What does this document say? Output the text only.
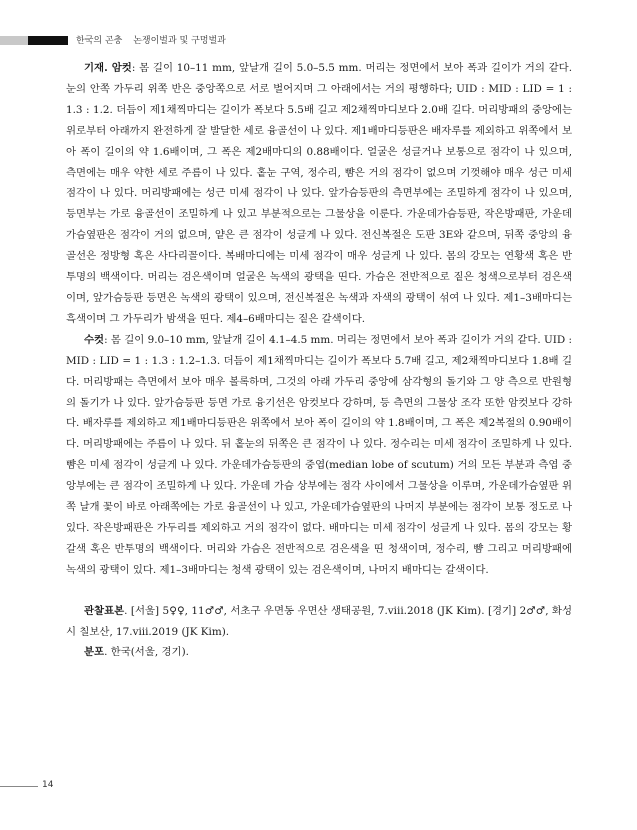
한국의 곤충 논쟁이벌과 및 구멍벌과

기재. 암컷: 몸 길이 10–11 mm, 앞날개 길이 5.0–5.5 mm. 머리는 정면에서 보아 폭과 길이가 거의 같다. 눈의 안쪽 가두리 위쪽 반은 중앙쪽으로 서로 벌어지며 그 아래에서는 거의 평행하다; UID : MID : LID = 1 : 1.3 : 1.2. 더듬이 제1채찍마디는 길이가 폭보다 5.5배 길고 제2채찍마디보다 2.0배 길다. 머리방패의 중앙에는 위로부터 아래까지 완전하게 잘 발달한 세로 융골선이 나 있다. 제1배마디등판은 배자루를 제외하고 위쪽에서 보아 폭이 길이의 약 1.6배이며, 그 폭은 제2배마디의 0.88배이다. 얼굴은 성글거나 보통으로 점각이 나 있으며, 측면에는 매우 약한 세로 주름이 나 있다. 홑눈 구역, 정수리, 뺨은 거의 점각이 없으며 기껏해야 매우 성근 미세 점각이 나 있다. 머리방패에는 성근 미세 점각이 나 있다. 앞가슴등판의 측면부에는 조밀하게 점각이 나 있으며, 등면부는 가로 융골선이 조밀하게 나 있고 부분적으로는 그물상을 이룬다. 가운데가슴등판, 작은방패판, 가운데가슴옆판은 점각이 거의 없으며, 얕은 큰 점각이 성글게 나 있다. 전신복절은 도판 3E와 같으며, 뒤쪽 중앙의 융골선은 정방형 혹은 사다리꼴이다. 복배마디에는 미세 점각이 매우 성글게 나 있다. 몸의 강모는 연황색 혹은 반투명의 백색이다. 머리는 검은색이며 얼굴은 녹색의 광택을 띤다. 가슴은 전반적으로 짙은 청색으로부터 검은색이며, 앞가슴등판 등면은 녹색의 광택이 있으며, 전신복절은 녹색과 자색의 광택이 섞여 나 있다. 제1–3배마디는 흑색이며 그 가두리가 밤색을 띤다. 제4–6배마디는 짙은 갈색이다.

수컷: 몸 길이 9.0–10 mm, 앞날개 길이 4.1–4.5 mm. 머리는 정면에서 보아 폭과 길이가 거의 같다. UID : MID : LID = 1 : 1.3 : 1.2–1.3. 더듬이 제1채찍마디는 길이가 폭보다 5.7배 길고, 제2채찍마디보다 1.8배 길다. 머리방패는 측면에서 보아 매우 볼록하며, 그것의 아래 가두리 중앙에 삼각형의 돌기와 그 양 측으로 반원형의 돌기가 나 있다. 앞가슴등판 등면 가로 융기선은 암컷보다 강하며, 등 측면의 그물상 조각 또한 암컷보다 강하다. 배자루를 제외하고 제1배마디등판은 위쪽에서 보아 폭이 길이의 약 1.8배이며, 그 폭은 제2복절의 0.90배이다. 머리방패에는 주름이 나 있다. 뒤 홑눈의 뒤쪽은 큰 점각이 나 있다. 정수리는 미세 점각이 조밀하게 나 있다. 뺨은 미세 점각이 성글게 나 있다. 가운데가슴등판의 중엽(median lobe of scutum) 거의 모든 부분과 측엽 중앙부에는 큰 점각이 조밀하게 나 있다. 가운데 가슴 상부에는 점각 사이에서 그물상을 이루며, 가운데가슴옆판 위쪽 날개 꽃이 바로 아래쪽에는 가로 융골선이 나 있고, 가운데가슴옆판의 나머지 부분에는 점각이 보통 정도로 나 있다. 작은방패판은 가두리를 제외하고 거의 점각이 없다. 배마디는 미세 점각이 성글게 나 있다. 몸의 강모는 황갈색 혹은 반투명의 백색이다. 머리와 가슴은 전반적으로 검은색을 띤 청색이며, 정수리, 뺨 그리고 머리방패에 녹색의 광택이 있다. 제1–3배마디는 청색 광택이 있는 검은색이며, 나머지 배마디는 갈색이다.

관찰표본. [서울] 5♀♀, 11♂♂, 서초구 우면동 우면산 생태공원, 7.viii.2018 (JK Kim). [경기] 2♂♂, 화성시 칠보산, 17.viii.2019 (JK Kim).

분포. 한국(서울, 경기).

14
